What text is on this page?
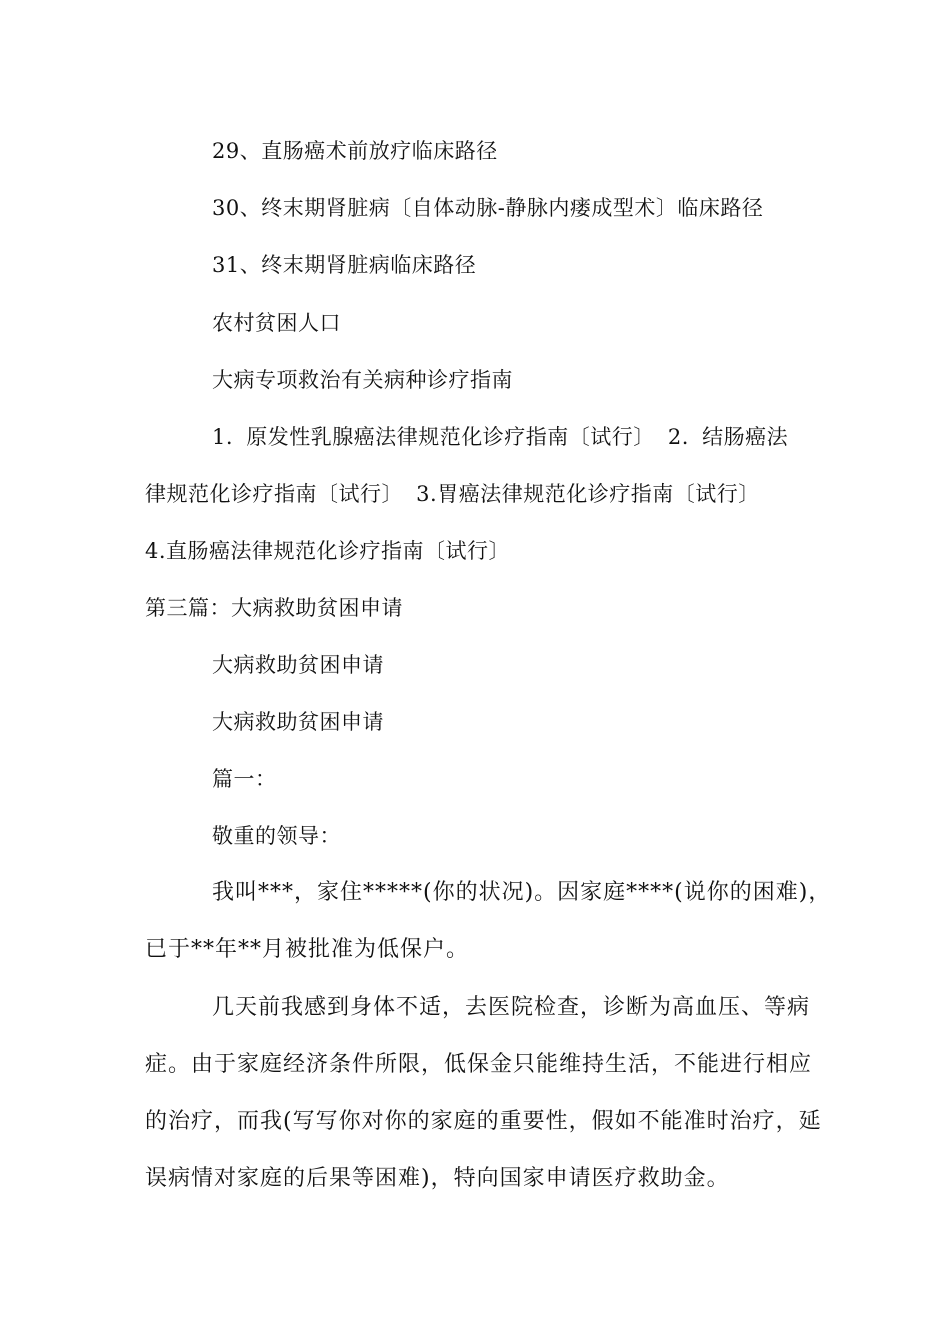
29、直肠癌术前放疗临床路径
30、终末期肾脏病〔自体动脉-静脉内瘘成型术〕临床路径
31、终末期肾脏病临床路径
农村贫困人口
大病专项救治有关病种诊疗指南
1. 原发性乳腺癌法律规范化诊疗指南〔试行〕 2. 结肠癌法
律规范化诊疗指南〔试行〕 3.胃癌法律规范化诊疗指南〔试行〕
4.直肠癌法律规范化诊疗指南〔试行〕
第三篇：大病救助贫困申请
大病救助贫困申请
大病救助贫困申请
篇一：
敬重的领导：
我叫***，家住*****(你的状况)。因家庭****(说你的困难)，
已于**年**月被批准为低保户。
几天前我感到身体不适，去医院检查，诊断为高血压、等病
症。由于家庭经济条件所限，低保金只能维持生活，不能进行相应
的治疗，而我(写写你对你的家庭的重要性，假如不能准时治疗，延
误病情对家庭的后果等困难)，特向国家申请医疗救助金。
